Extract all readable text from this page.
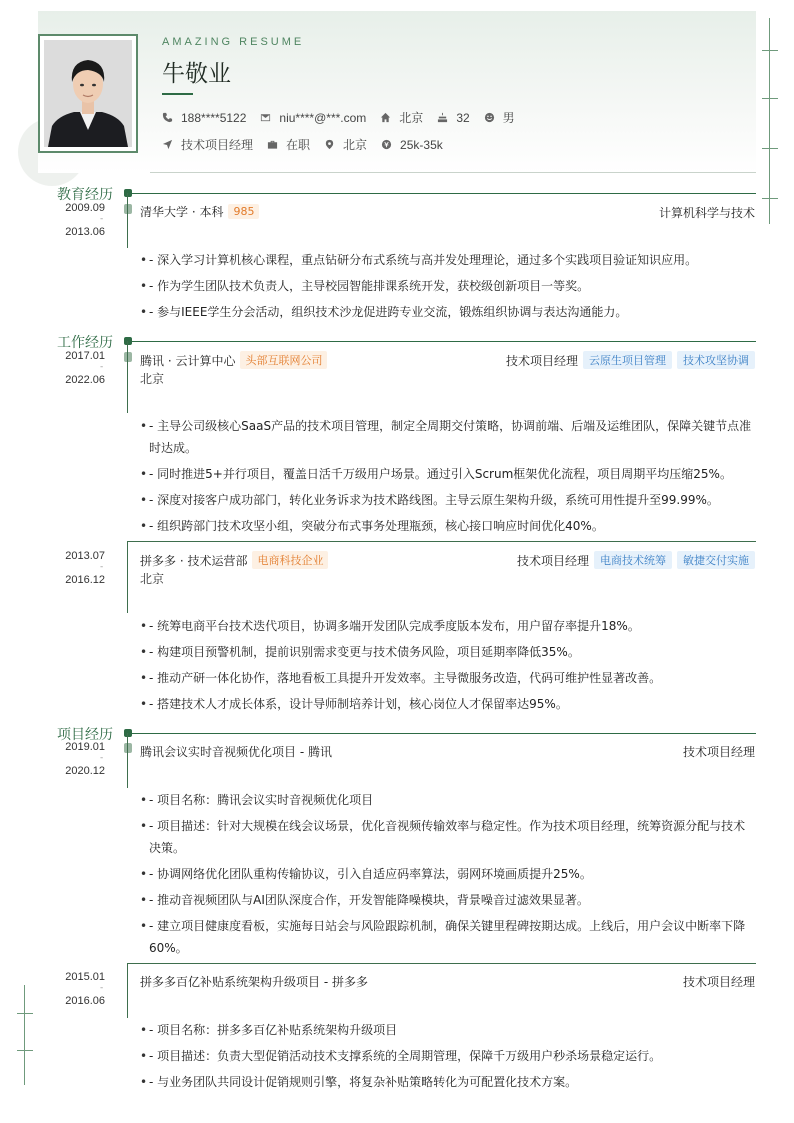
AMAZING RESUME
牛敬业
188****5122	niu****@***.com	北京	32	男
技术项目经理	在职	北京	25k-35k
教育经历
2009.09
-
2013.06
清华大学 · 本科 985	计算机科学与技术
• - 深入学习计算机核心课程，重点钻研分布式系统与高并发处理理论，通过多个实践项目验证知识应用。
• - 作为学生团队技术负责人，主导校园智能排课系统开发，获校级创新项目一等奖。
• - 参与IEEE学生分会活动，组织技术沙龙促进跨专业交流，锻炼组织协调与表达沟通能力。
工作经历
2017.01
-
2022.06
腾讯 · 云计算中心 头部互联网公司	技术项目经理	云原生项目管理	技术攻坚协调
北京
• - 主导公司级核心SaaS产品的技术项目管理，制定全周期交付策略，协调前端、后端及运维团队，保障关键节点准时达成。
• - 同时推进5+并行项目，覆盖日活千万级用户场景。通过引入Scrum框架优化流程，项目周期平均压缩25%。
• - 深度对接客户成功部门，转化业务诉求为技术路线图。主导云原生架构升级，系统可用性提升至99.99%。
• - 组织跨部门技术攻坚小组，突破分布式事务处理瓶颈，核心接口响应时间优化40%。
2013.07
-
2016.12
拼多多 · 技术运营部 电商科技企业	技术项目经理	电商技术统筹	敏捷交付实施
北京
• - 统筹电商平台技术迭代项目，协调多端开发团队完成季度版本发布，用户留存率提升18%。
• - 构建项目预警机制，提前识别需求变更与技术债务风险，项目延期率降低35%。
• - 推动产研一体化协作，落地看板工具提升开发效率。主导微服务改造，代码可维护性显著改善。
• - 搭建技术人才成长体系，设计导师制培养计划，核心岗位人才保留率达95%。
项目经历
2019.01
-
2020.12
腾讯会议实时音视频优化项目 - 腾讯	技术项目经理
• - 项目名称：腾讯会议实时音视频优化项目
• - 项目描述：针对大规模在线会议场景，优化音视频传输效率与稳定性。作为技术项目经理，统筹资源分配与技术决策。
• - 协调网络优化团队重构传输协议，引入自适应码率算法，弱网环境画质提升25%。
• - 推动音视频团队与AI团队深度合作，开发智能降噪模块，背景噪音过滤效果显著。
• - 建立项目健康度看板，实施每日站会与风险跟踪机制，确保关键里程碑按期达成。上线后，用户会议中断率下降60%。
2015.01
-
2016.06
拼多多百亿补贴系统架构升级项目 - 拼多多	技术项目经理
• - 项目名称：拼多多百亿补贴系统架构升级项目
• - 项目描述：负责大型促销活动技术支撑系统的全周期管理，保障千万级用户秒杀场景稳定运行。
• - 与业务团队共同设计促销规则引擎，将复杂补贴策略转化为可配置化技术方案。
